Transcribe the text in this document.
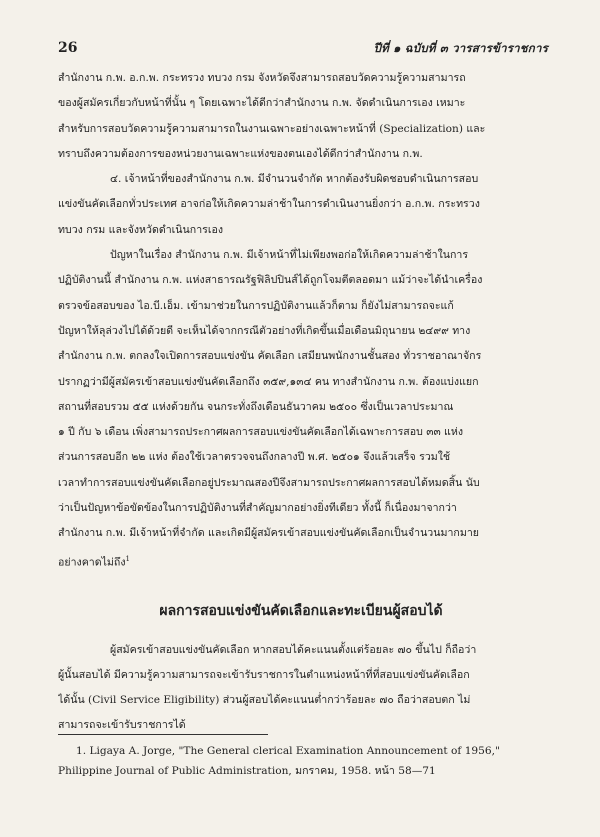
26	ปีที่ ๑ ฉบับที่ ๓ วารสารข้าราชการ

สำนักงาน ก.พ. อ.ก.พ. กระทรวง ทบวง กรม จังหวัดจึงสามารถสอบวัดความรู้ความสามารถ
ของผู้สมัครเกี่ยวกับหน้าที่นั้น ๆ โดยเฉพาะได้ดีกว่าสำนักงาน ก.พ. จัดดำเนินการเอง เหมาะ
สำหรับการสอบวัดความรู้ความสามารถในงานเฉพาะอย่างเฉพาะหน้าที่ (Specialization) และ
ทราบถึงความต้องการของหน่วยงานเฉพาะแห่งของตนเองได้ดีกว่าสำนักงาน ก.พ.

๔. เจ้าหน้าที่ของสำนักงาน ก.พ. มีจำนวนจำกัด หากต้องรับผิดชอบดำเนินการสอบ
แข่งขันคัดเลือกทั่วประเทศ อาจก่อให้เกิดความล่าช้าในการดำเนินงานยิ่งกว่า อ.ก.พ. กระทรวง
ทบวง กรม และจังหวัดดำเนินการเอง

ปัญหาในเรื่อง สำนักงาน ก.พ. มีเจ้าหน้าที่ไม่เพียงพอก่อให้เกิดความล่าช้าในการ
ปฏิบัติงานนี้ สำนักงาน ก.พ. แห่งสาธารณรัฐฟิลิปปินส์ได้ถูกโจมตีตลอดมา แม้ว่าจะได้นำเครื่อง
ตรวจข้อสอบของ ไอ.บี.เอ็ม. เข้ามาช่วยในการปฏิบัติงานแล้วก็ตาม ก็ยังไม่สามารถจะแก้
ปัญหาให้ลุล่วงไปได้ด้วยดี จะเห็นได้จากกรณีตัวอย่างที่เกิดขึ้นเมื่อเดือนมิถุนายน ๒๔๙๙ ทาง
สำนักงาน ก.พ. ตกลงใจเปิดการสอบแข่งขัน คัดเลือก เสมียนพนักงานชั้นสอง ทั่วราชอาณาจักร
ปรากฏว่ามีผู้สมัครเข้าสอบแข่งขันคัดเลือกถึง ๓๕๙,๑๓๔ คน ทางสำนักงาน ก.พ. ต้องแบ่งแยก
สถานที่สอบรวม ๕๕ แห่งด้วยกัน จนกระทั่งถึงเดือนธันวาคม ๒๕๐๐ ซึ่งเป็นเวลาประมาณ
๑ ปี กับ ๖ เดือน เพิ่งสามารถประกาศผลการสอบแข่งขันคัดเลือกได้เฉพาะการสอบ ๓๓ แห่ง
ส่วนการสอบอีก ๒๒ แห่ง ต้องใช้เวลาตรวจจนถึงกลางปี พ.ศ. ๒๕๐๑ จึงแล้วเสร็จ รวมใช้
เวลาทำการสอบแข่งขันคัดเลือกอยู่ประมาณสองปีจึงสามารถประกาศผลการสอบได้หมดสิ้น นับ
ว่าเป็นปัญหาข้อขัดข้องในการปฏิบัติงานที่สำคัญมากอย่างยิ่งทีเดียว ทั้งนี้ ก็เนื่องมาจากว่า
สำนักงาน ก.พ. มีเจ้าหน้าที่จำกัด และเกิดมีผู้สมัครเข้าสอบแข่งขันคัดเลือกเป็นจำนวนมากมาย
อย่างคาดไม่ถึง$^1$

ผลการสอบแข่งขันคัดเลือกและทะเบียนผู้สอบได้

ผู้สมัครเข้าสอบแข่งขันคัดเลือก หากสอบได้คะแนนตั้งแต่ร้อยละ ๗๐ ขึ้นไป ก็ถือว่า
ผู้นั้นสอบได้ มีความรู้ความสามารถจะเข้ารับราชการในตำแหน่งหน้าที่ที่สอบแข่งขันคัดเลือก
ได้นั้น (Civil Service Eligibility) ส่วนผู้สอบได้คะแนนต่ำกว่าร้อยละ ๗๐ ถือว่าสอบตก ไม่
สามารถจะเข้ารับราชการได้

1. Ligaya A. Jorge, "The General clerical Examination Announcement of 1956,"
Philippine Journal of Public Administration, มกราคม, 1958. หน้า 58—71
